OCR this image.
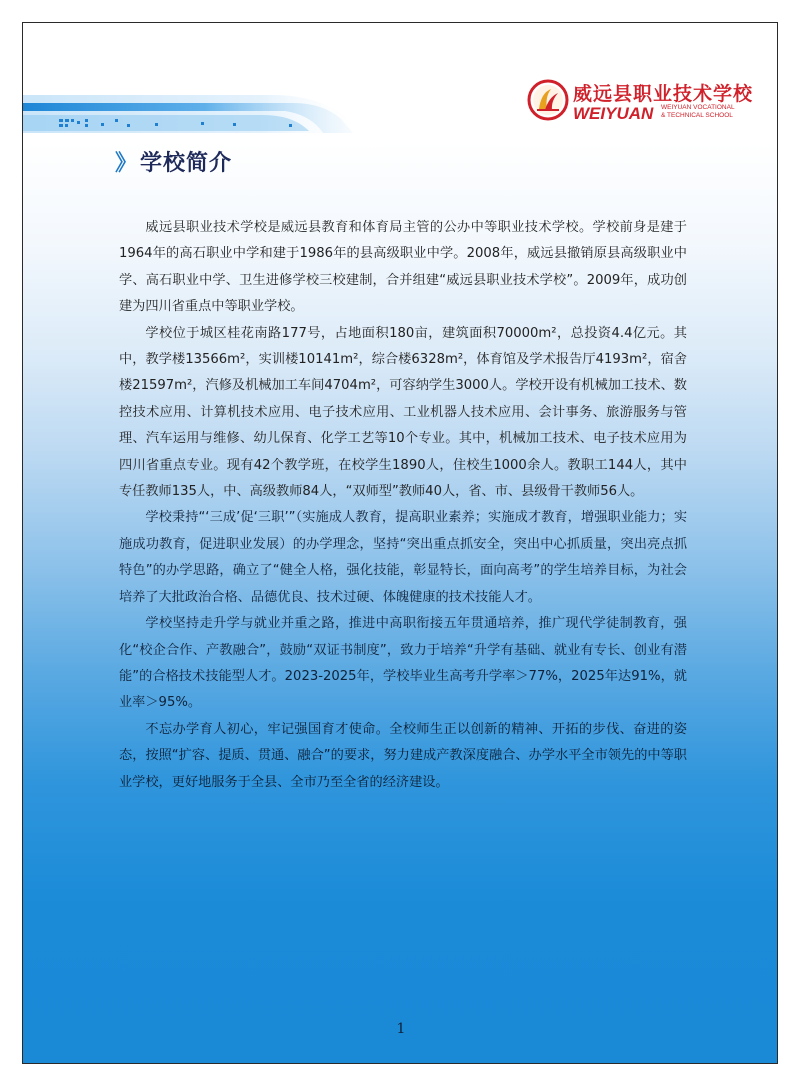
威远县职业技术学校
WEIYUAN WEIYUAN VOCATIONAL
& TECHNICAL SCHOOL
》学校简介

威远县职业技术学校是威远县教育和体育局主管的公办中等职业技术学校。学校前身是建于1964年的高石职业中学和建于1986年的县高级职业中学。2008年，威远县撤销原县高级职业中学、高石职业中学、卫生进修学校三校建制，合并组建“威远县职业技术学校”。2009年，成功创建为四川省重点中等职业学校。

学校位于城区桂花南路177号，占地面积180亩，建筑面积70000m²，总投资4.4亿元。其中，教学楼13566m²，实训楼10141m²，综合楼6328m²，体育馆及学术报告厅4193m²，宿舍楼21597m²，汽修及机械加工车间4704m²，可容纳学生3000人。学校开设有机械加工技术、数控技术应用、计算机技术应用、电子技术应用、工业机器人技术应用、会计事务、旅游服务与管理、汽车运用与维修、幼儿保育、化学工艺等10个专业。其中，机械加工技术、电子技术应用为四川省重点专业。现有42个教学班，在校学生1890人，住校生1000余人。教职工144人，其中专任教师135人，中、高级教师84人，“双师型”教师40人，省、市、县级骨干教师56人。

学校秉持“‘三成’促‘三职’”（实施成人教育，提高职业素养；实施成才教育，增强职业能力；实施成功教育，促进职业发展）的办学理念，坚持“突出重点抓安全，突出中心抓质量，突出亮点抓特色”的办学思路，确立了“健全人格，强化技能，彰显特长，面向高考”的学生培养目标，为社会培养了大批政治合格、品德优良、技术过硬、体魄健康的技术技能人才。

学校坚持走升学与就业并重之路，推进中高职衔接五年贯通培养，推广现代学徒制教育，强化“校企合作、产教融合”，鼓励“双证书制度”，致力于培养“升学有基础、就业有专长、创业有潜能”的合格技术技能型人才。2023-2025年，学校毕业生高考升学率＞77%，2025年达91%，就业率＞95%。

不忘办学育人初心，牢记强国育才使命。全校师生正以创新的精神、开拓的步伐、奋进的姿态，按照“扩容、提质、贯通、融合”的要求，努力建成产教深度融合、办学水平全市领先的中等职业学校，更好地服务于全县、全市乃至全省的经济建设。

1
